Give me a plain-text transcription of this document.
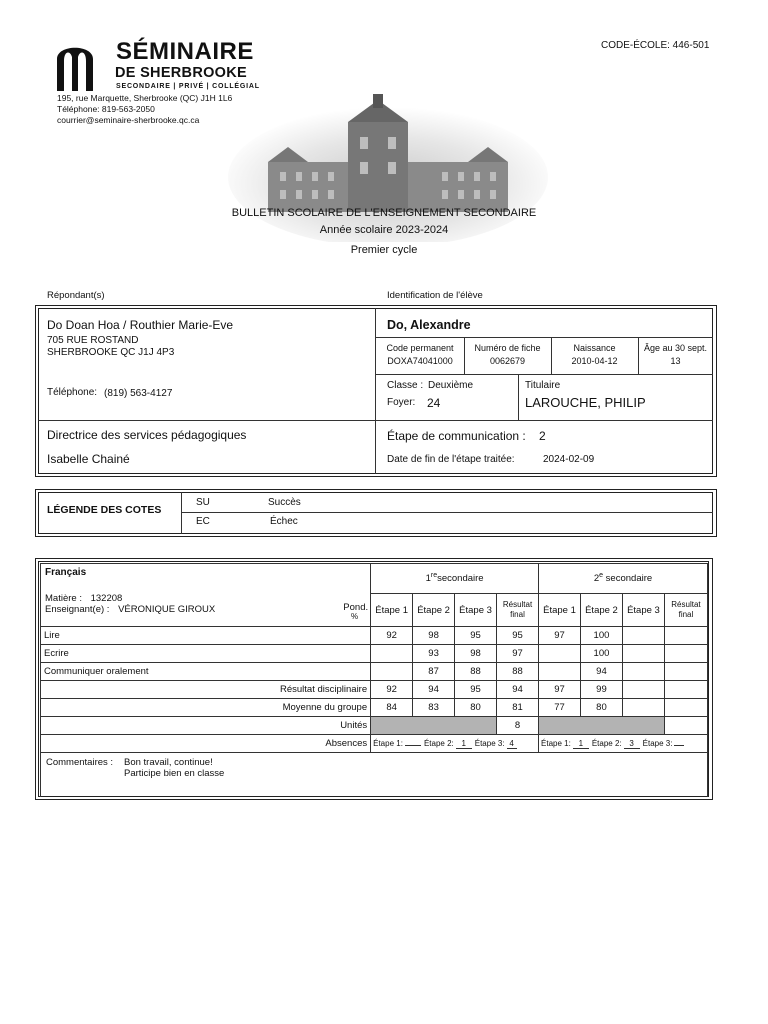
SÉMINAIRE
DE SHERBROOKE
SECONDAIRE | PRIVÉ | COLLÉGIAL
195, rue Marquette, Sherbrooke (QC) J1H 1L6
Téléphone: 819-563-2050
courrier@seminaire-sherbrooke.qc.ca
CODE-ÉCOLE: 446-501
BULLETIN SCOLAIRE DE L'ENSEIGNEMENT SECONDAIRE
Année scolaire 2023-2024
Premier cycle
Répondant(s)	Identification de l'élève
Do Doan Hoa / Routhier Marie-Eve
705 RUE ROSTAND
SHERBROOKE QC J1J 4P3
Téléphone: (819) 563-4127
Directrice des services pédagogiques
Isabelle Chainé
Do, Alexandre
Code permanent
DOXA74041000
Numéro de fiche
0062679
Naissance
2010-04-12
Âge au 30 sept.
13
Classe : Deuxième
Foyer: 24
Titulaire
LAROUCHE, PHILIP
Étape de communication : 2
Date de fin de l'étape traitée:	2024-02-09
LÉGENDE DES COTES
SU	Succès
EC	Échec
Français
Matière : 132208
Enseignant(e) : VÉRONIQUE GIROUX Pond.
%	1resecondaire				2e secondaire			
	Étape 1	Étape 2	Étape 3	Résultat final	Étape 1	Étape 2	Étape 3	Résultat final
Lire	92	98	95	95	97	100		
Ecrire		93	98	97		100		
Communiquer oralement		87	88	88		94		
Résultat disciplinaire	92	94	95	94	97	99		
Moyenne du groupe	84	83	80	81	77	80		
Unités				8				
Absences	Étape 1: Étape 2: 1 Étape 3: 4				Étape 1: 1 Étape 2: 3 Étape 3:			

Commentaires : Bon travail, continue!
Participe bien en classe								
